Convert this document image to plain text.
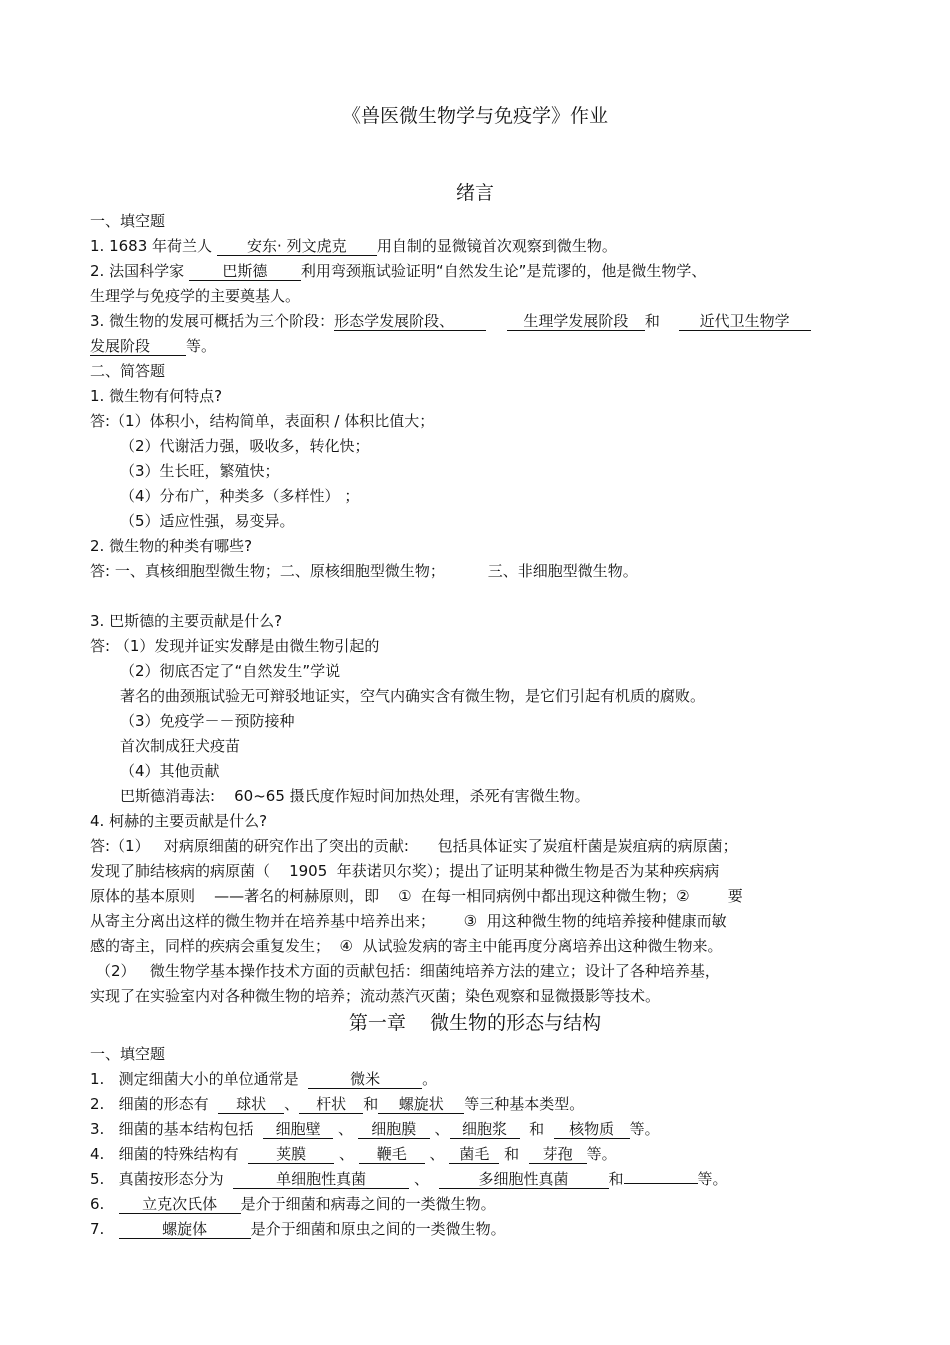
《兽医微生物学与免疫学》作业
绪言
一、填空题
1. 1683 年荷兰人 安东· 列文虎克 用自制的显微镜首次观察到微生物。
2. 法国科学家	巴斯德 利用弯颈瓶试验证明“自然发生论”是荒谬的，他是微生物学、
生理学与免疫学的主要奠基人。
3. 微生物的发展可概括为三个阶段：形态学发展阶段、	生理学发展阶段 和	近代卫生物学
发展阶段 等。
二、简答题
1. 微生物有何特点?
答:（1）体积小，结构简单，表面积 / 体积比值大；
（2）代谢活力强，吸收多，转化快；
（3）生长旺，繁殖快；
（4）分布广，种类多（多样性） ；
（5）适应性强，易变异。
2. 微生物的种类有哪些?
答: 一、真核细胞型微生物；二、原核细胞型微生物；         三、非细胞型微生物。
3. 巴斯德的主要贡献是什么?
答: （1）发现并证实发酵是由微生物引起的
（2）彻底否定了“自然发生”学说
著名的曲颈瓶试验无可辩驳地证实，空气内确实含有微生物，是它们引起有机质的腐败。
（3）免疫学－－预防接种
首次制成狂犬疫苗
（4）其他贡献
巴斯德消毒法:    60~65 摄氏度作短时间加热处理，杀死有害微生物。
4. 柯赫的主要贡献是什么?
答:（1）   对病原细菌的研究作出了突出的贡献:      包括具体证实了炭疽杆菌是炭疽病的病原菌；
发现了肺结核病的病原菌（    1905  年获诺贝尔奖）；提出了证明某种微生物是否为某种疾病病
原体的基本原则    ——著名的柯赫原则，即    ①  在每一相同病例中都出现这种微生物；②        要
从寄主分离出这样的微生物并在培养基中培养出来；      ③  用这种微生物的纯培养接种健康而敏
感的寄主，同样的疾病会重复发生；  ④  从试验发病的寄主中能再度分离培养出这种微生物来。
（2）   微生物学基本操作技术方面的贡献包括：细菌纯培养方法的建立；设计了各种培养基，
实现了在实验室内对各种微生物的培养；流动蒸汽灭菌；染色观察和显微摄影等技术。
第一章    微生物的形态与结构
一、填空题
1.   测定细菌大小的单位通常是	微米	。
2.   细菌的形态有 球状 、 杆状 和 螺旋状 等三种基本类型。
3.   细菌的基本结构包括 细胞壁 、 细胞膜 、 细胞浆 和 核物质 等。
4.   细菌的特殊结构有	荚膜 、 鞭毛 、 菌毛 和 芽孢 等。
5.   真菌按形态分为	单细胞性真菌	、	多细胞性真菌	和	等。
6.	立克次氏体 是介于细菌和病毒之间的一类微生物。
7.	螺旋体	是介于细菌和原虫之间的一类微生物。
